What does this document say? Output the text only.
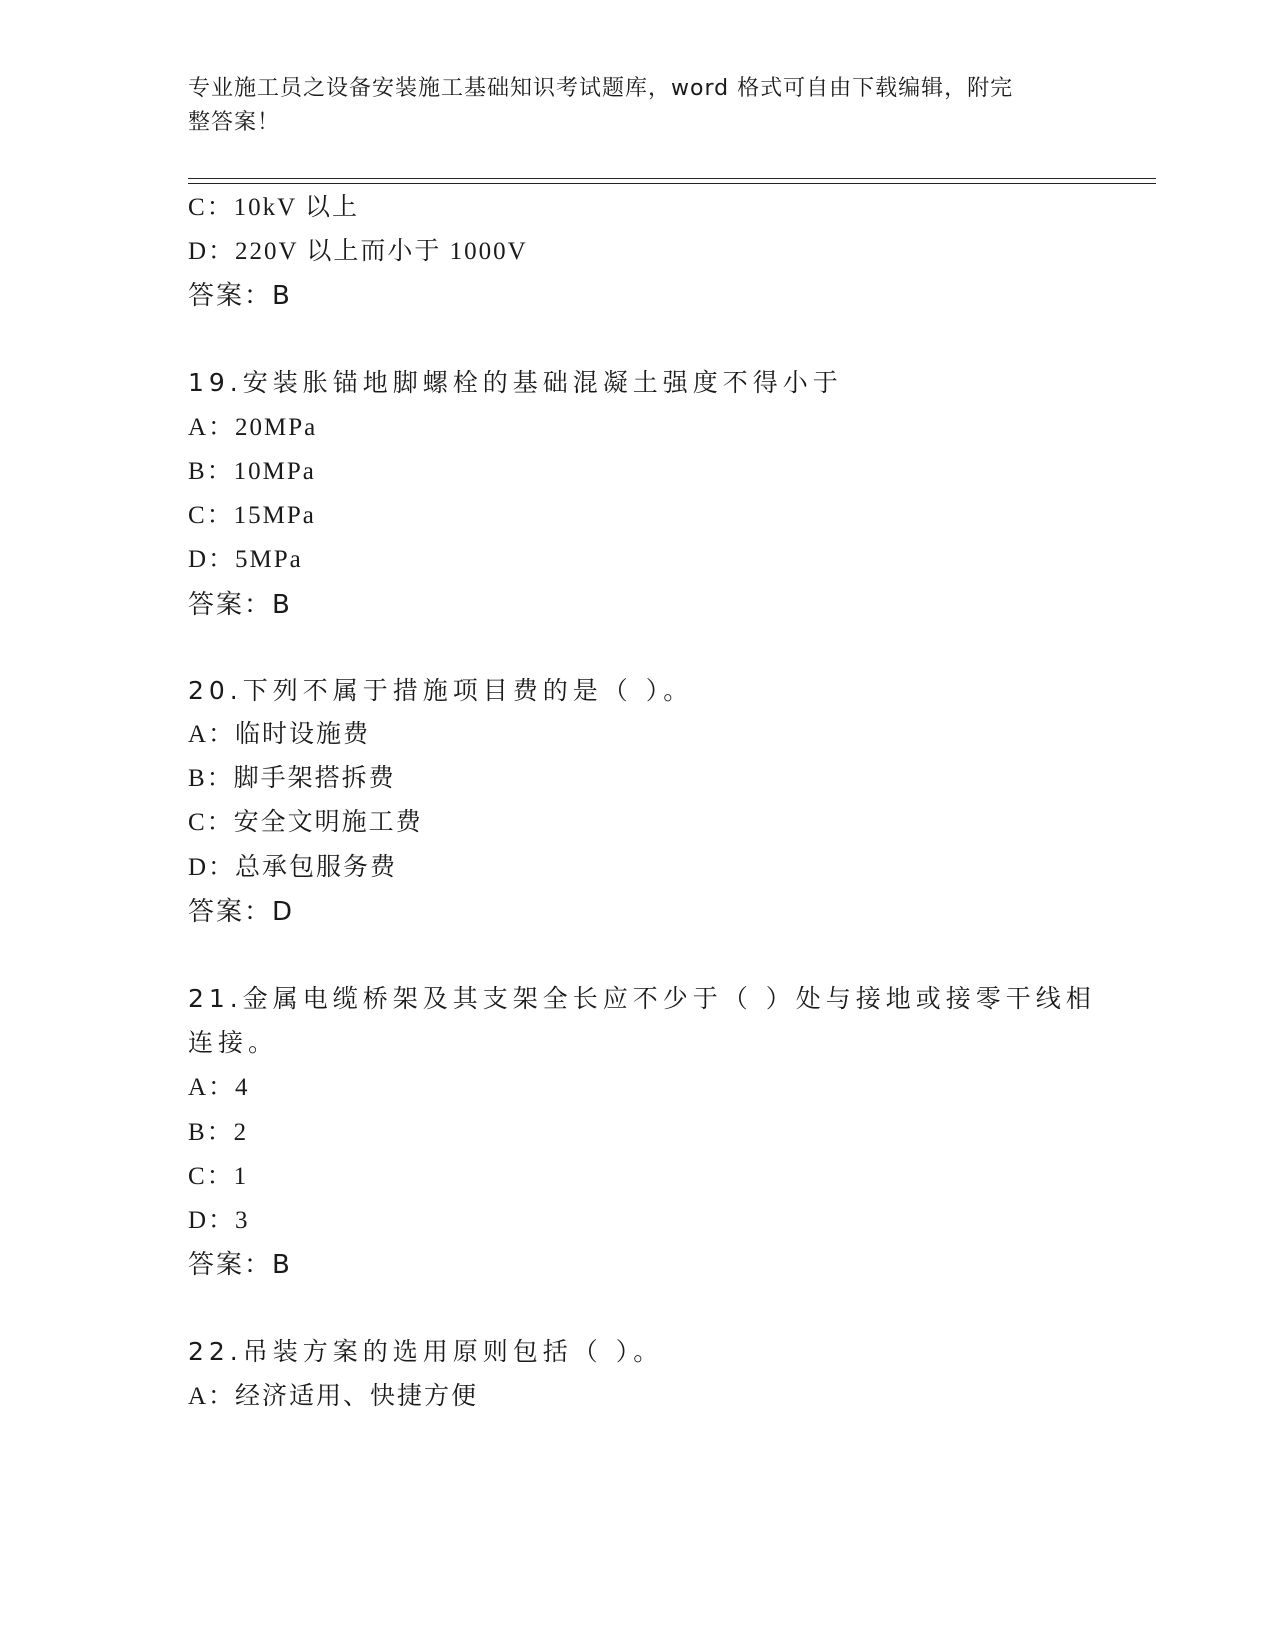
专业施工员之设备安装施工基础知识考试题库，word 格式可自由下载编辑，附完
整答案！
C：10kV 以上
D：220V 以上而小于 1000V
答案：B
19.安装胀锚地脚螺栓的基础混凝土强度不得小于
A：20MPa
B：10MPa
C：15MPa
D：5MPa
答案：B
20.下列不属于措施项目费的是（ ）。
A：临时设施费
B：脚手架搭拆费
C：安全文明施工费
D：总承包服务费
答案：D
21.金属电缆桥架及其支架全长应不少于（ ）处与接地或接零干线相
连接。
A：4
B：2
C：1
D：3
答案：B
22.吊装方案的选用原则包括（ ）。
A：经济适用、快捷方便
